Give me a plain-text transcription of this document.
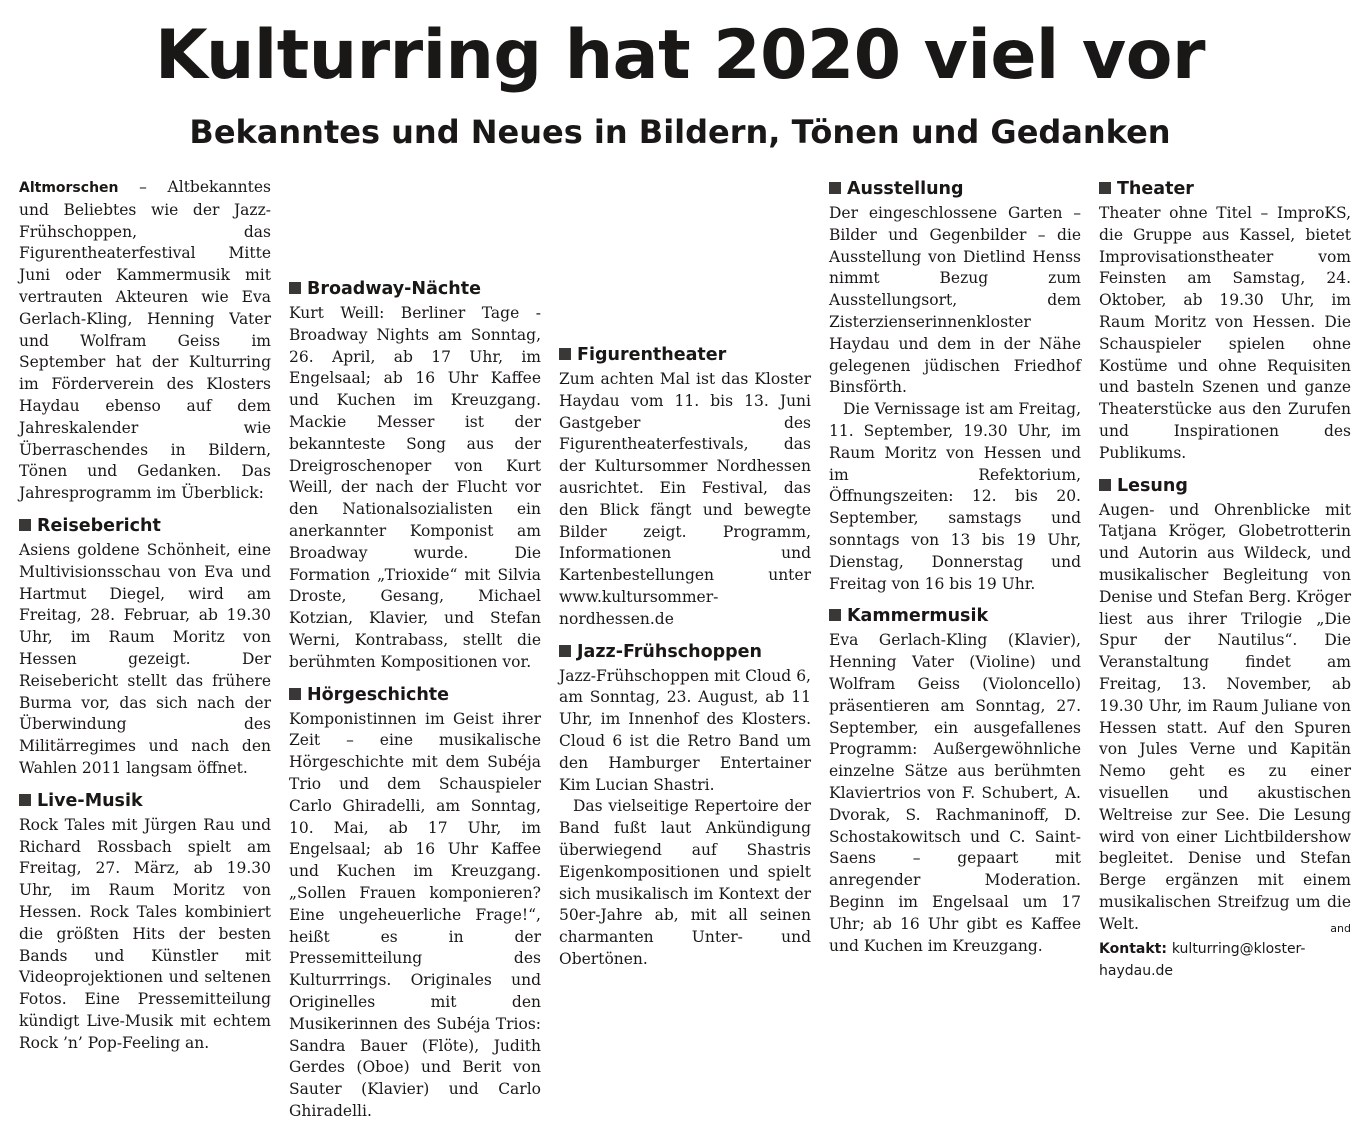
Kulturring hat 2020 viel vor
Bekanntes und Neues in Bildern, Tönen und Gedanken

Altmorschen – Altbekanntes und Beliebtes wie der Jazz-Frühschoppen, das Figurentheaterfestival Mitte Juni oder Kammermusik mit vertrauten Akteuren wie Eva Gerlach-Kling, Henning Vater und Wolfram Geiss im September hat der Kulturring im Förderverein des Klosters Haydau ebenso auf dem Jahreskalender wie Überraschendes in Bildern, Tönen und Gedanken. Das Jahresprogramm im Überblick:

Reisebericht

Asiens goldene Schönheit, eine Multivisionsschau von Eva und Hartmut Diegel, wird am Freitag, 28. Februar, ab 19.30 Uhr, im Raum Moritz von Hessen gezeigt. Der Reisebericht stellt das frühere Burma vor, das sich nach der Überwindung des Militärregimes und nach den Wahlen 2011 langsam öffnet.

Live-Musik

Rock Tales mit Jürgen Rau und Richard Rossbach spielt am Freitag, 27. März, ab 19.30 Uhr, im Raum Moritz von Hessen. Rock Tales kombiniert die größten Hits der besten Bands und Künstler mit Videoprojektionen und seltenen Fotos. Eine Pressemitteilung kündigt Live-Musik mit echtem Rock ’n’ Pop-Feeling an.

Broadway-Nächte

Kurt Weill: Berliner Tage - Broadway Nights am Sonntag, 26. April, ab 17 Uhr, im Engelsaal; ab 16 Uhr Kaffee und Kuchen im Kreuzgang. Mackie Messer ist der bekannteste Song aus der Dreigroschenoper von Kurt Weill, der nach der Flucht vor den Nationalsozialisten ein anerkannter Komponist am Broadway wurde. Die Formation „Trioxide“ mit Silvia Droste, Gesang, Michael Kotzian, Klavier, und Stefan Werni, Kontrabass, stellt die berühmten Kompositionen vor.

Hörgeschichte

Komponistinnen im Geist ihrer Zeit – eine musikalische Hörgeschichte mit dem Subéja Trio und dem Schauspieler Carlo Ghiradelli, am Sonntag, 10. Mai, ab 17 Uhr, im Engelsaal; ab 16 Uhr Kaffee und Kuchen im Kreuzgang. „Sollen Frauen komponieren? Eine ungeheuerliche Frage!“, heißt es in der Pressemitteilung des Kulturrrings. Originales und Originelles mit den Musikerinnen des Subéja Trios: Sandra Bauer (Flöte), Judith Gerdes (Oboe) und Berit von Sauter (Klavier) und Carlo Ghiradelli.

Figurentheater

Zum achten Mal ist das Kloster Haydau vom 11. bis 13. Juni Gastgeber des Figurentheaterfestivals, das der Kultursommer Nordhessen ausrichtet. Ein Festival, das den Blick fängt und bewegte Bilder zeigt. Programm, Informationen und Kartenbestellungen unter www.kultursommer-nordhessen.de

Jazz-Frühschoppen

Jazz-Frühschoppen mit Cloud 6, am Sonntag, 23. August, ab 11 Uhr, im Innenhof des Klosters. Cloud 6 ist die Retro Band um den Hamburger Entertainer Kim Lucian Shastri.

Das vielseitige Repertoire der Band fußt laut Ankündigung überwiegend auf Shastris Eigenkompositionen und spielt sich musikalisch im Kontext der 50er-Jahre ab, mit all seinen charmanten Unter- und Obertönen.

Ausstellung

Der eingeschlossene Garten – Bilder und Gegenbilder – die Ausstellung von Dietlind Henss nimmt Bezug zum Ausstellungsort, dem Zisterzienserinnenkloster Haydau und dem in der Nähe gelegenen jüdischen Friedhof Binsförth.

Die Vernissage ist am Freitag, 11. September, 19.30 Uhr, im Raum Moritz von Hessen und im Refektorium, Öffnungszeiten: 12. bis 20. September, samstags und sonntags von 13 bis 19 Uhr, Dienstag, Donnerstag und Freitag von 16 bis 19 Uhr.

Kammermusik

Eva Gerlach-Kling (Klavier), Henning Vater (Violine) und Wolfram Geiss (Violoncello) präsentieren am Sonntag, 27. September, ein ausgefallenes Programm: Außergewöhnliche einzelne Sätze aus berühmten Klaviertrios von F. Schubert, A. Dvorak, S. Rachmaninoff, D. Schostakowitsch und C. Saint-Saens – gepaart mit anregender Moderation. Beginn im Engelsaal um 17 Uhr; ab 16 Uhr gibt es Kaffee und Kuchen im Kreuzgang.

Theater

Theater ohne Titel – ImproKS, die Gruppe aus Kassel, bietet Improvisationstheater vom Feinsten am Samstag, 24. Oktober, ab 19.30 Uhr, im Raum Moritz von Hessen. Die Schauspieler spielen ohne Kostüme und ohne Requisiten und basteln Szenen und ganze Theaterstücke aus den Zurufen und Inspirationen des Publikums.

Lesung

Augen- und Ohrenblicke mit Tatjana Kröger, Globetrotterin und Autorin aus Wildeck, und musikalischer Begleitung von Denise und Stefan Berg. Kröger liest aus ihrer Trilogie „Die Spur der Nautilus“. Die Veranstaltung findet am Freitag, 13. November, ab 19.30 Uhr, im Raum Juliane von Hessen statt. Auf den Spuren von Jules Verne und Kapitän Nemo geht es zu einer visuellen und akustischen Weltreise zur See. Die Lesung wird von einer Lichtbildershow begleitet. Denise und Stefan Berge ergänzen mit einem musikalischen Streifzug um die Welt.	and

Kontakt: kulturring@kloster-haydau.de
